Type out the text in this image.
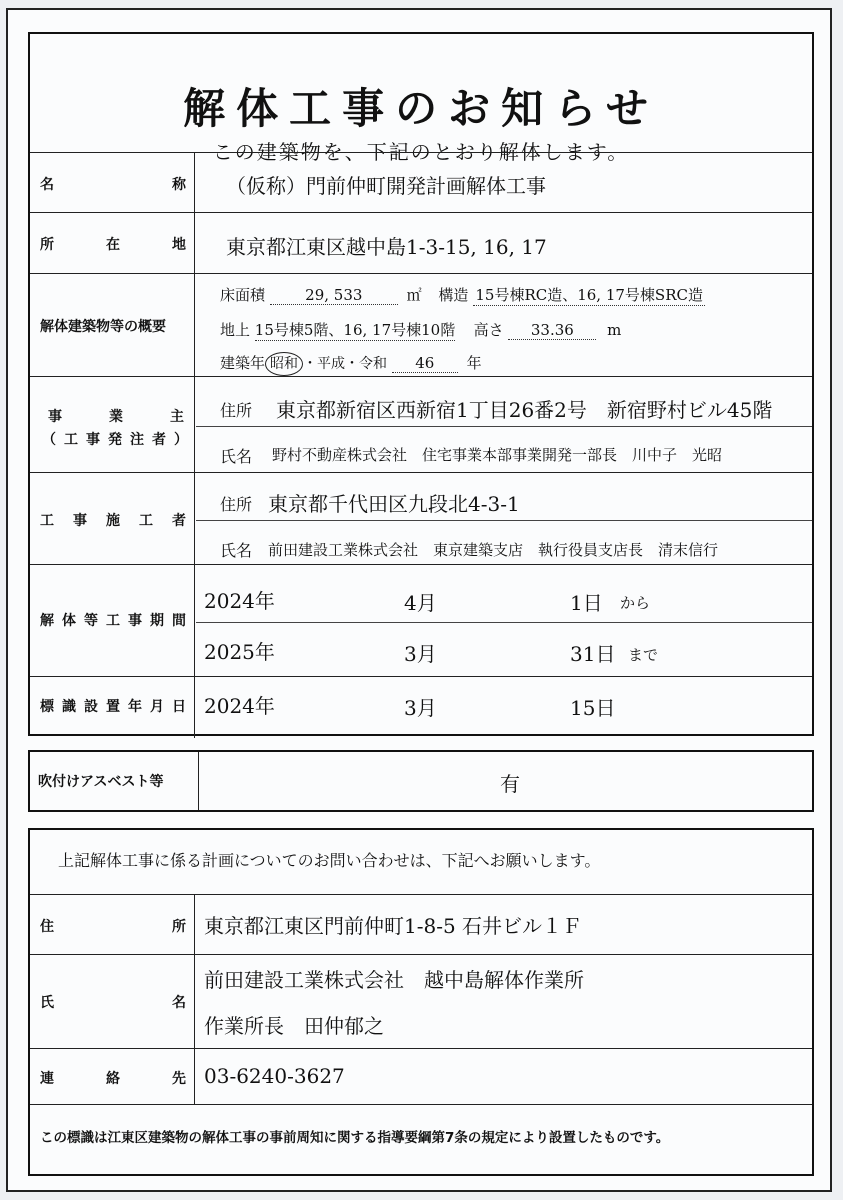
解体工事のお知らせ
この建築物を、下記のとおり解体します。
名称 （仮称）門前仲町開発計画解体工事
所在地 東京都江東区越中島1-3-15, 16, 17
解体建築物等の概要
床面積	29, 533	㎡ 構造 15号棟RC造、16, 17号棟SRC造
地上 15号棟5階、16, 17号棟10階 高さ 33.36 m
建築年 昭和 ・平成・令和 46 年
事業主
（工事発注者）
住所 東京都新宿区西新宿1丁目26番2号　新宿野村ビル45階
氏名 野村不動産株式会社　住宅事業本部事業開発一部長　川中子　光昭
工事施工者
住所 東京都千代田区九段北4-3-1
氏名 前田建設工業株式会社　東京建築支店　執行役員支店長　清末信行
解体等工事期間
2024年	4月	1日 から
2025年	3月	31日 まで
標識設置年月日 2024年	3月	15日
吹付けアスベスト等	有
上記解体工事に係る計画についてのお問い合わせは、下記へお願いします。
住所 東京都江東区門前仲町1-8-5 石井ビル１Ｆ
氏名
前田建設工業株式会社　越中島解体作業所
作業所長　田仲郁之
連絡先 03-6240-3627
この標識は江東区建築物の解体工事の事前周知に関する指導要綱第7条の規定により設置したものです。
